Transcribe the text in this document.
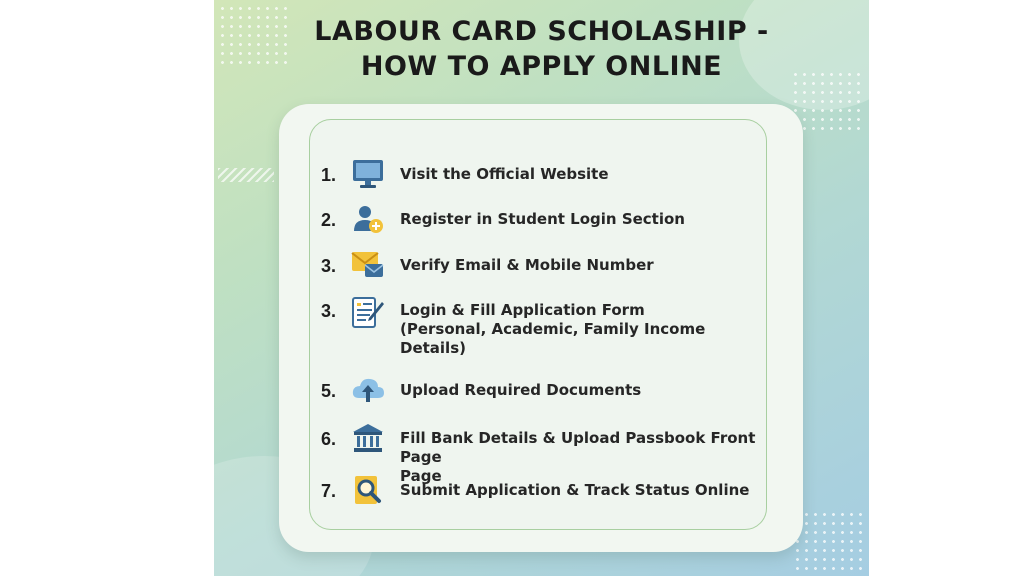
LABOUR CARD SCHOLASHIP -
HOW TO APPLY ONLINE
1.	Visit the Official Website
2.	Register in Student Login Section
3.	Verify Email & Mobile Number
3.	Login & Fill Application Form
(Personal, Academic, Family Income
Details)
5.	Upload Required Documents
6.	Fill Bank Details & Upload Passbook Front Page
Page
7.	Submit Application & Track Status Online
